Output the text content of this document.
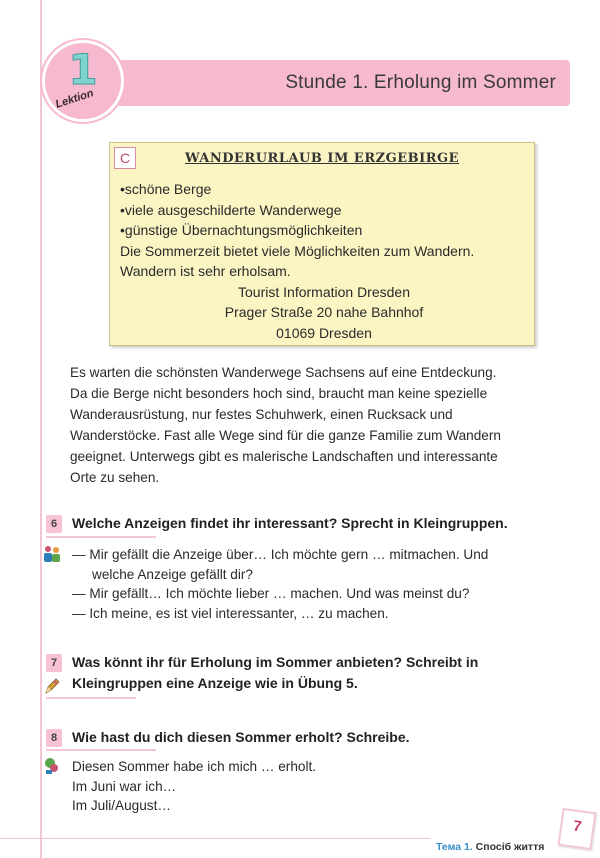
Stunde 1. Erholung im Sommer
1
Lektion
C	WANDERURLAUB IM ERZGEBIRGE
•schöne Berge
•viele ausgeschilderte Wanderwege
•günstige Übernachtungsmöglichkeiten
Die Sommerzeit bietet viele Möglichkeiten zum Wandern.
Wandern ist sehr erholsam.
Tourist Information Dresden
Prager Straße 20 nahe Bahnhof
01069 Dresden
Es warten die schönsten Wanderwege Sachsens auf eine Entdeckung.
Da die Berge nicht besonders hoch sind, braucht man keine spezielle
Wanderausrüstung, nur festes Schuhwerk, einen Rucksack und
Wanderstöcke. Fast alle Wege sind für die ganze Familie zum Wandern
geeignet. Unterwegs gibt es malerische Landschaften und interessante
Orte zu sehen.
6	Welche Anzeigen findet ihr interessant? Sprecht in Kleingruppen.
— Mir gefällt die Anzeige über… Ich möchte gern … mitmachen. Und
welche Anzeige gefällt dir?
— Mir gefällt… Ich möchte lieber … machen. Und was meinst du?
— Ich meine, es ist viel interessanter, … zu machen.
7	Was könnt ihr für Erholung im Sommer anbieten? Schreibt in
Kleingruppen eine Anzeige wie in Übung 5.
8	Wie hast du dich diesen Sommer erholt? Schreibe.
Diesen Sommer habe ich mich … erholt.
Im Juni war ich…
Im Juli/August…
Тема 1. Спосіб життя
7
